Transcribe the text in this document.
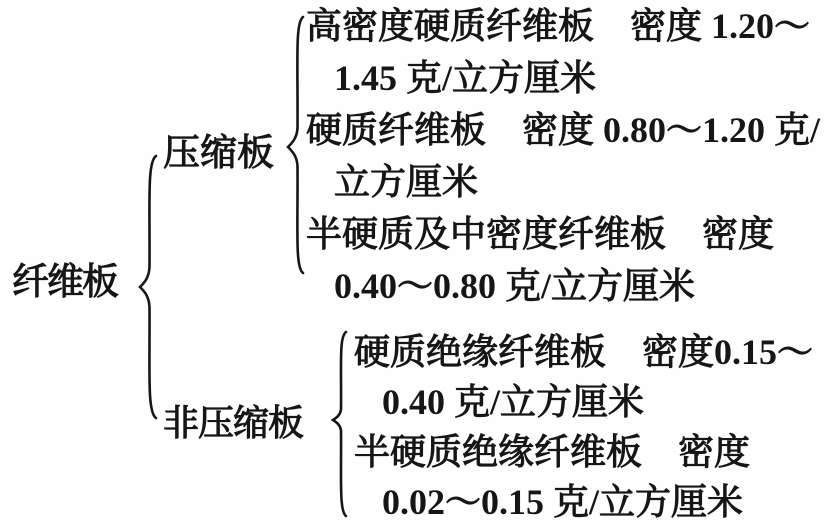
纤维板
压缩板
高密度硬质纤维板　密度 1.20～
1.45 克/立方厘米
硬质纤维板　密度 0.80～1.20 克/
立方厘米
半硬质及中密度纤维板　密度
0.40～0.80 克/立方厘米
非压缩板
硬质绝缘纤维板　密度0.15～
0.40 克/立方厘米
半硬质绝缘纤维板　密度
0.02～0.15 克/立方厘米
